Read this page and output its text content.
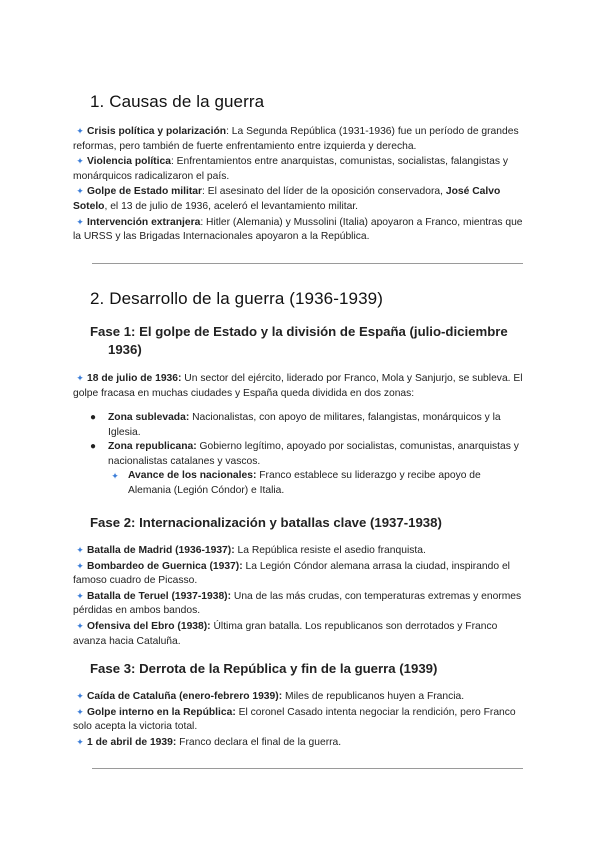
1. Causas de la guerra

✦ Crisis política y polarización: La Segunda República (1931-1936) fue un período de grandes reformas, pero también de fuerte enfrentamiento entre izquierda y derecha.

✦ Violencia política: Enfrentamientos entre anarquistas, comunistas, socialistas, falangistas y monárquicos radicalizaron el país.

✦ Golpe de Estado militar: El asesinato del líder de la oposición conservadora, José Calvo Sotelo, el 13 de julio de 1936, aceleró el levantamiento militar.

✦ Intervención extranjera: Hitler (Alemania) y Mussolini (Italia) apoyaron a Franco, mientras que la URSS y las Brigadas Internacionales apoyaron a la República.

2. Desarrollo de la guerra (1936-1939)
Fase 1: El golpe de Estado y la división de España (julio-diciembre
1936)

✦ 18 de julio de 1936: Un sector del ejército, liderado por Franco, Mola y Sanjurjo, se subleva. El golpe fracasa en muchas ciudades y España queda dividida en dos zonas:

● Zona sublevada: Nacionalistas, con apoyo de militares, falangistas, monárquicos y la Iglesia.
● Zona republicana: Gobierno legítimo, apoyado por socialistas, comunistas, anarquistas y nacionalistas catalanes y vascos.
✦ Avance de los nacionales: Franco establece su liderazgo y recibe apoyo de Alemania (Legión Cóndor) e Italia.
Fase 2: Internacionalización y batallas clave (1937-1938)

✦ Batalla de Madrid (1936-1937): La República resiste el asedio franquista.

✦ Bombardeo de Guernica (1937): La Legión Cóndor alemana arrasa la ciudad, inspirando el famoso cuadro de Picasso.

✦ Batalla de Teruel (1937-1938): Una de las más crudas, con temperaturas extremas y enormes pérdidas en ambos bandos.

✦ Ofensiva del Ebro (1938): Última gran batalla. Los republicanos son derrotados y Franco avanza hacia Cataluña.

Fase 3: Derrota de la República y fin de la guerra (1939)

✦ Caída de Cataluña (enero-febrero 1939): Miles de republicanos huyen a Francia.

✦ Golpe interno en la República: El coronel Casado intenta negociar la rendición, pero Franco solo acepta la victoria total.

✦ 1 de abril de 1939: Franco declara el final de la guerra.
